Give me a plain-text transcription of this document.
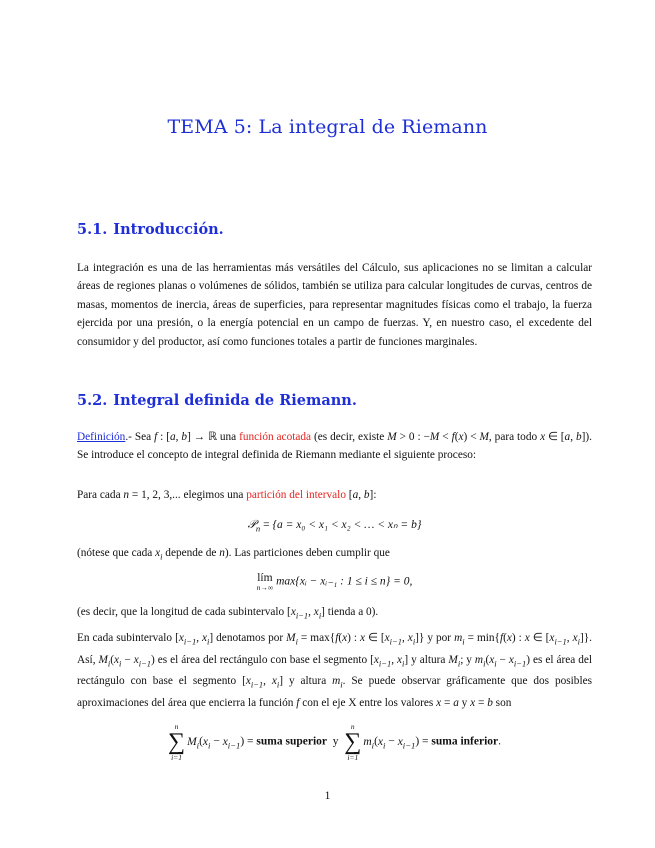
TEMA 5: La integral de Riemann
5.1. Introducción.

La integración es una de las herramientas más versátiles del Cálculo, sus aplicaciones no se limitan a calcular áreas de regiones planas o volúmenes de sólidos, también se utiliza para calcular longitudes de curvas, centros de masas, momentos de inercia, áreas de superficies, para representar magnitudes físicas como el trabajo, la fuerza ejercida por una presión, o la energía potencial en un campo de fuerzas. Y, en nuestro caso, el excedente del consumidor y del productor, así como funciones totales a partir de funciones marginales.

5.2. Integral definida de Riemann.

Definición.- Sea f : [a, b] → ℝ una función acotada (es decir, existe M > 0 : −M < f(x) < M, para todo x ∈ [a, b]). Se introduce el concepto de integral definida de Riemann mediante el siguiente proceso:

Para cada n = 1, 2, 3,... elegimos una partición del intervalo [a, b]:

𝒫$_n$ = {a = x₀ < x₁ < x₂ < … < xₙ = b}

(nótese que cada $x_i$ depende de n). Las particiones deben cumplir que

lím
n→∞ max{xᵢ − xᵢ₋₁ : 1 ≤ i ≤ n} = 0,

(es decir, que la longitud de cada subintervalo [$x_{i-1}$, $x_i$] tienda a 0).

En cada subintervalo [$x_{i-1}$, $x_i$] denotamos por $M_i = \max\{f(x)$ : x ∈ [$x_{i-1}$, $x_i$]} y por $m_i = \min\{f(x)$ : x ∈ [$x_{i-1}$, $x_i$]}. Así, $M_i(x_i - x_{i-1})$ es el área del rectángulo con base el segmento [$x_{i-1}$, $x_i$] y altura $M_i$; y $m_i(x_i - x_{i-1})$ es el área del rectángulo con base el segmento [$x_{i-1}$, $x_i$] y altura $m_i$. Se puede observar gráficamente que dos posibles aproximaciones del área que encierra la función f con el eje X entre los valores x = a y x = b son

n
∑
i=1
$M_i(x_i - x_{i-1})$ = suma superior y
n
∑
i=1
$m_i(x_i - x_{i-1})$ = suma inferior.
1
